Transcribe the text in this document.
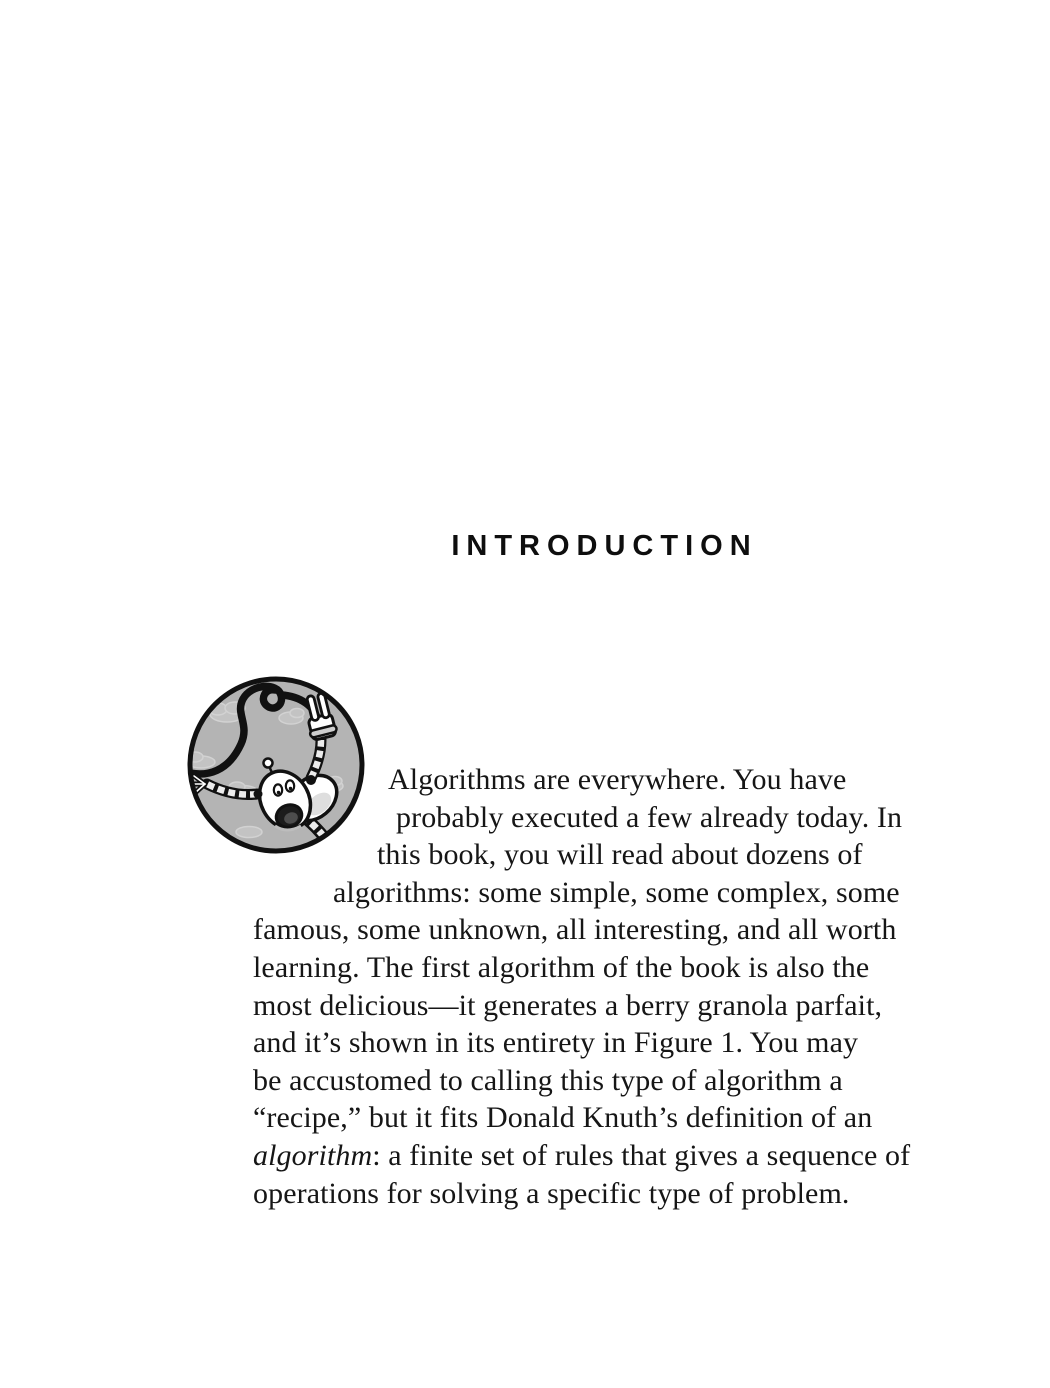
INTRODUCTION
Algorithms are everywhere. You have
probably executed a few already today. In
this book, you will read about dozens of
algorithms: some simple, some complex, some
famous, some unknown, all interesting, and all worth
learning. The first algorithm of the book is also the
most delicious—it generates a berry granola parfait,
and it’s shown in its entirety in Figure 1. You may
be accustomed to calling this type of algorithm a
“recipe,” but it fits Donald Knuth’s definition of an
algorithm: a finite set of rules that gives a sequence of
operations for solving a specific type of problem.
